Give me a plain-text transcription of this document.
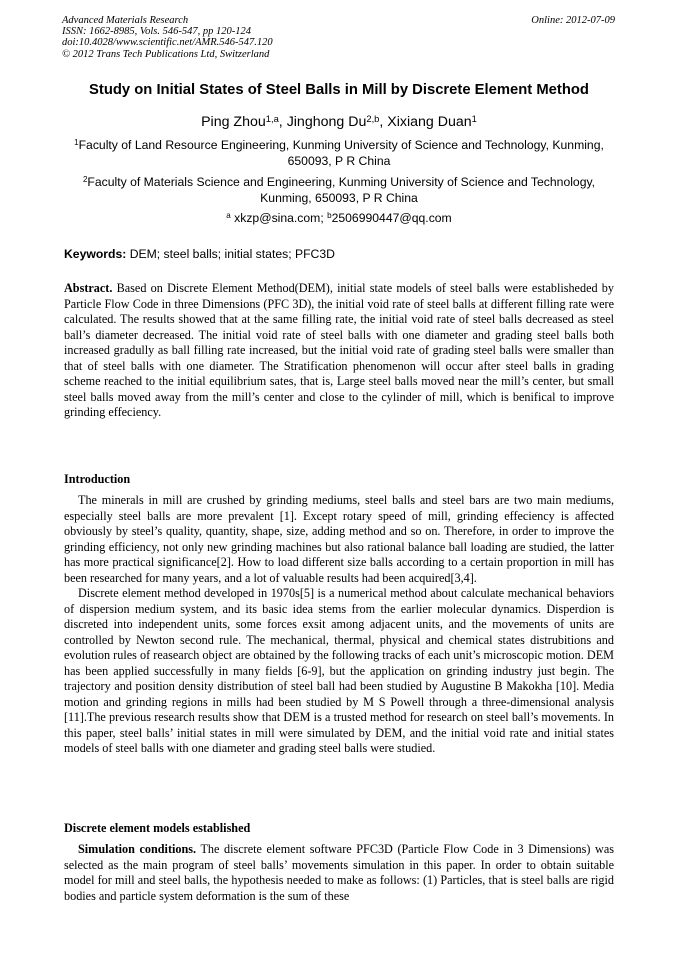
Advanced Materials Research
ISSN: 1662-8985, Vols. 546-547, pp 120-124
doi:10.4028/www.scientific.net/AMR.546-547.120
© 2012 Trans Tech Publications Ltd, Switzerland
Online: 2012-07-09
Study on Initial States of Steel Balls in Mill by Discrete Element Method
Ping Zhou$^{1,a}$, Jinghong Du$^{2,b}$, Xixiang Duan$^1$
$^1$Faculty of Land Resource Engineering, Kunming University of Science and Technology, Kunming, 650093, P R China
$^2$Faculty of Materials Science and Engineering, Kunming University of Science and Technology, Kunming, 650093, P R China
$^a$ xkzp@sina.com; $^b$2506990447@qq.com
Keywords: DEM; steel balls; initial states; PFC3D

Abstract. Based on Discrete Element Method(DEM), initial state models of steel balls were establisheded by Particle Flow Code in three Dimensions (PFC 3D), the initial void rate of steel balls at different filling rate were calculated. The results showed that at the same filling rate, the initial void rate of steel balls decreased as steel ball’s diameter decreased. The initial void rate of steel balls with one diameter and grading steel balls both increased gradully as ball filling rate increased, but the initial void rate of grading steel balls were smaller than that of steel balls with one diameter. The Stratification phenomenon will occur after steel balls in grading scheme reached to the initial equilibrium sates, that is, Large steel balls moved near the mill’s center, but small steel balls moved away from the mill’s center and close to the cylinder of mill, which is benifical to improve grinding effeciency.

Introduction

The minerals in mill are crushed by grinding mediums, steel balls and steel bars are two main mediums, especially steel balls are more prevalent [1]. Except rotary speed of mill, grinding effeciency is affected obviously by steel’s quality, quantity, shape, size, adding method and so on. Therefore, in order to improve the grinding efficiency, not only new grinding machines but also rational balance ball loading are studied, the latter has more practical significance[2]. How to load different size balls according to a certain proportion in mill has been researched for many years, and a lot of valuable results had been acquired[3,4].

Discrete element method developed in 1970s[5] is a numerical method about calculate mechanical behaviors of dispersion medium system, and its basic idea stems from the earlier molecular dynamics. Disperdion is discreted into independent units, some forces exsit among adjacent units, and the movements of units are controlled by Newton second rule. The mechanical, thermal, physical and chemical states distrubitions and evolution rules of reasearch object are obtained by the following tracks of each unit’s microscopic motion. DEM has been applied successfully in many fields [6-9], but the application on grinding industry just begin. The trajectory and position density distribution of steel ball had been studied by Augustine B Makokha [10]. Media motion and grinding regions in mills had been studied by M S Powell through a three-dimensional analysis [11].The previous research results show that DEM is a trusted method for research on steel ball’s movements. In this paper, steel balls’ initial states in mill were simulated by DEM, and the initial void rate and initial states models of steel balls with one diameter and grading steel balls were studied.

Discrete element models established

Simulation conditions. The discrete element software PFC3D (Particle Flow Code in 3 Dimensions) was selected as the main program of steel balls’ movements simulation in this paper. In order to obtain suitable model for mill and steel balls, the hypothesis needed to make as follows: (1) Particles, that is steel balls are rigid bodies and particle system deformation is the sum of these
